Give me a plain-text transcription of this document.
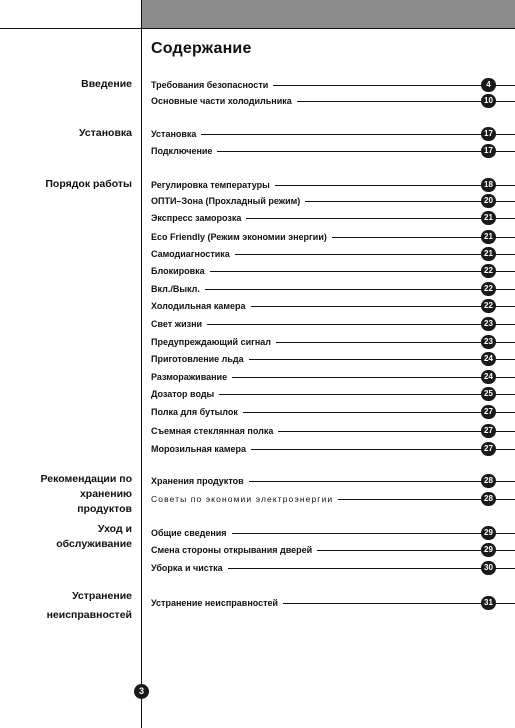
Содержание
Введение
Установка
Порядок работы
Рекомендации по
хранению
продуктов
Уход и
обслуживание
Устранение
неисправностей
Требования безопасности	4
Основные части холодильника	10
Установка	17
Подключение	17
Регулировка температуры	18
ОПТИ–Зона (Прохладный режим)	20
Экспресс заморозка	21
Eco Friendly (Режим экономии энергии)	21
Самодиагностика	21
Блокировка	22
Вкл./Выкл.	22
Холодильная камера	22
Свет жизни	23
Предупреждающий сигнал	23
Приготовление льда	24
Размораживание	24
Дозатор воды	25
Полка для бутылок	27
Съемная стеклянная полка	27
Морозильная камера	27
Хранения продуктов	28
Советы по экономии электроэнергии	28
Общие сведения	29
Смена стороны открывания дверей	29
Уборка и чистка	30
Устранение неисправностей	31
3
